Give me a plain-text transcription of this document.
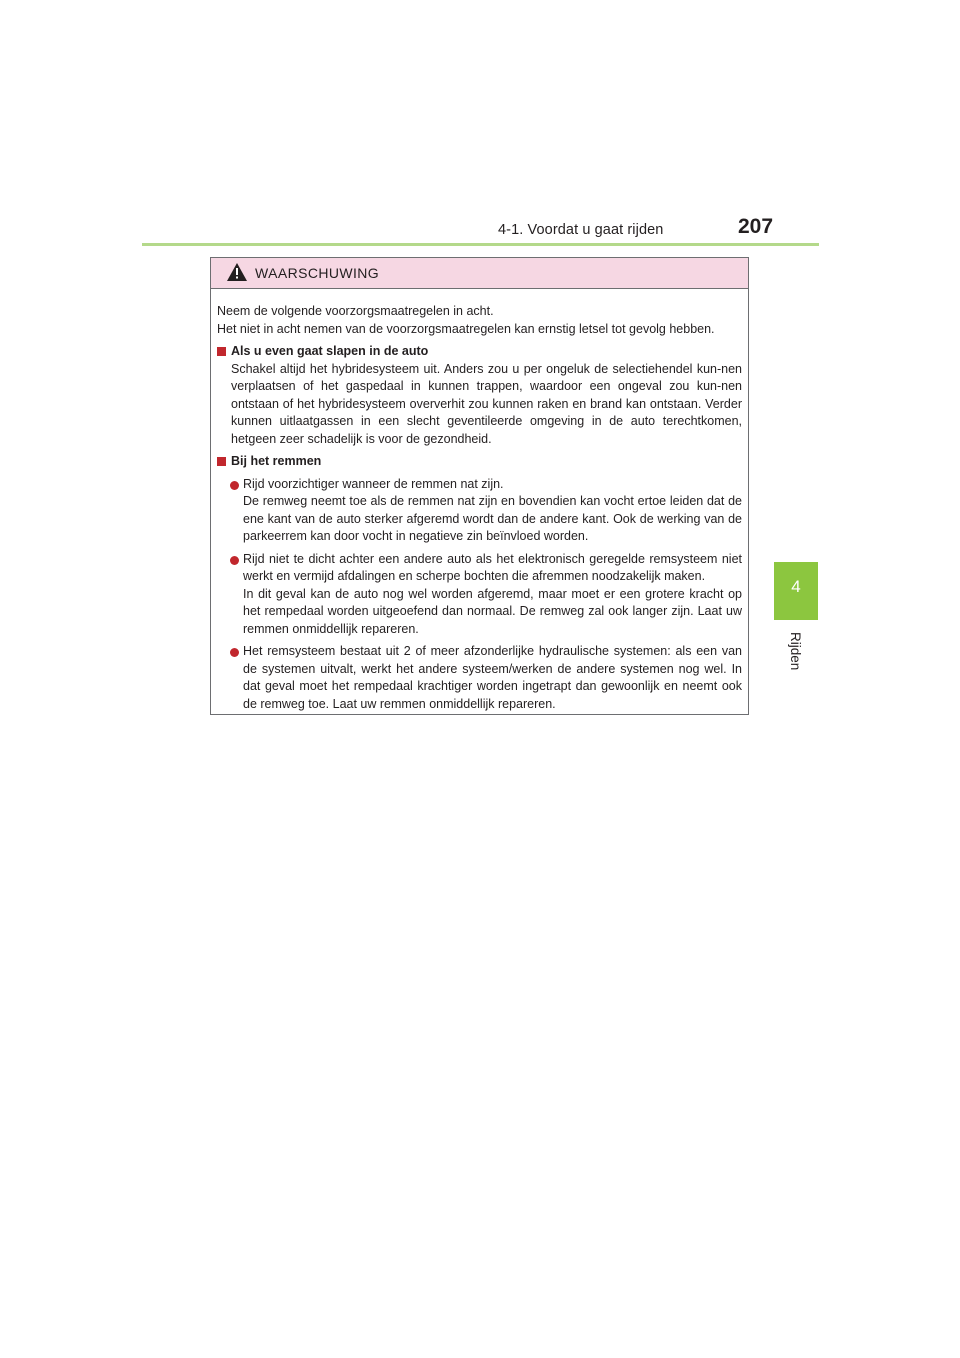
4-1. Voordat u gaat rijden	207
4
Rijden
WAARSCHUWING

Neem de volgende voorzorgsmaatregelen in acht.

Het niet in acht nemen van de voorzorgsmaatregelen kan ernstig letsel tot gevolg hebben.

Als u even gaat slapen in de auto

Schakel altijd het hybridesysteem uit. Anders zou u per ongeluk de selectiehendel kun-nen verplaatsen of het gaspedaal in kunnen trappen, waardoor een ongeval zou kun-nen ontstaan of het hybridesysteem oververhit zou kunnen raken en brand kan ontstaan. Verder kunnen uitlaatgassen in een slecht geventileerde omgeving in de auto terechtkomen, hetgeen zeer schadelijk is voor de gezondheid.

Bij het remmen

Rijd voorzichtiger wanneer de remmen nat zijn.

De remweg neemt toe als de remmen nat zijn en bovendien kan vocht ertoe leiden dat de ene kant van de auto sterker afgeremd wordt dan de andere kant. Ook de werking van de parkeerrem kan door vocht in negatieve zin beïnvloed worden.

Rijd niet te dicht achter een andere auto als het elektronisch geregelde remsysteem niet werkt en vermijd afdalingen en scherpe bochten die afremmen noodzakelijk maken.

In dit geval kan de auto nog wel worden afgeremd, maar moet er een grotere kracht op het rempedaal worden uitgeoefend dan normaal. De remweg zal ook langer zijn. Laat uw remmen onmiddellijk repareren.

Het remsysteem bestaat uit 2 of meer afzonderlijke hydraulische systemen: als een van de systemen uitvalt, werkt het andere systeem/werken de andere systemen nog wel. In dat geval moet het rempedaal krachtiger worden ingetrapt dan gewoonlijk en neemt ook de remweg toe. Laat uw remmen onmiddellijk repareren.
